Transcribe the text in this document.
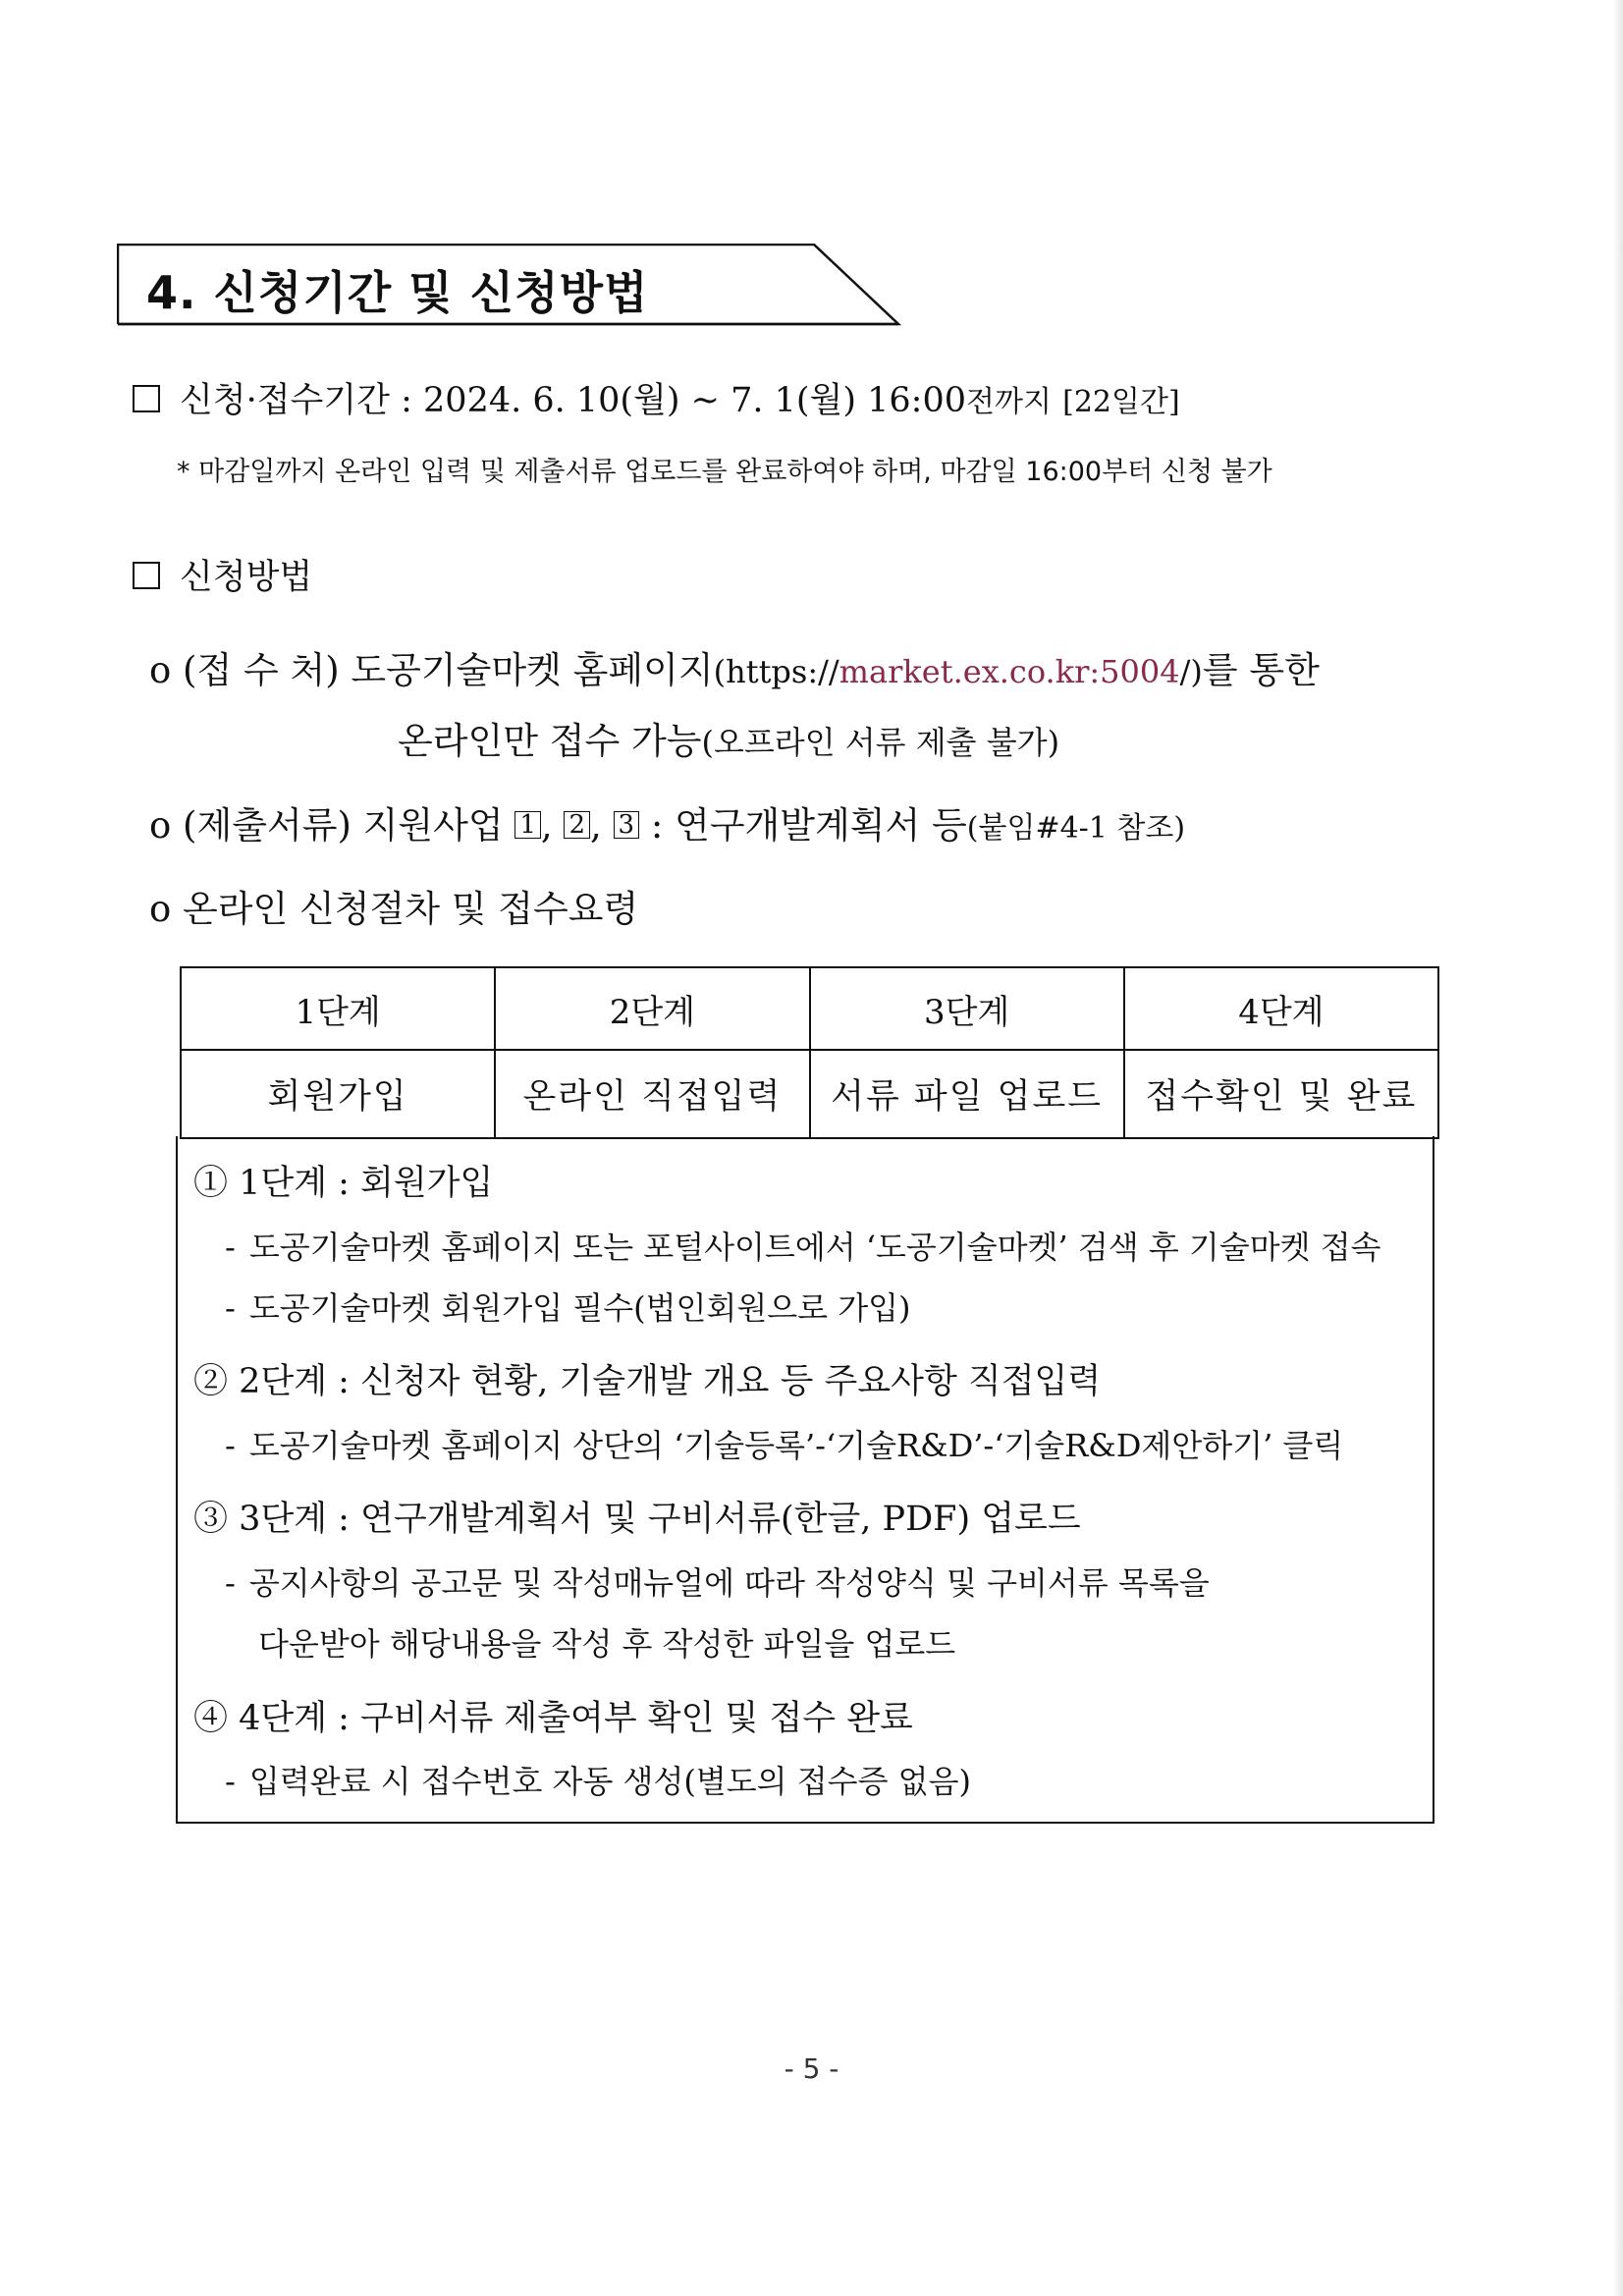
4. 신청기간 및 신청방법
신청·접수기간 : 2024. 6. 10(월) ~ 7. 1(월) 16:00전까지 [22일간]
* 마감일까지 온라인 입력 및 제출서류 업로드를 완료하여야 하며, 마감일 16:00부터 신청 불가
신청방법
o (접 수 처) 도공기술마켓 홈페이지(https://market.ex.co.kr:5004/)를 통한
온라인만 접수 가능(오프라인 서류 제출 불가)
o (제출서류) 지원사업 1 , 2 , 3 : 연구개발계획서 등(붙임#4-1 참조)
o 온라인 신청절차 및 접수요령
1단계	2단계	3단계	4단계
회원가입	온라인 직접입력	서류 파일 업로드	접수확인 및 완료
① 1단계 : 회원가입
- 도공기술마켓 홈페이지 또는 포털사이트에서 ‘도공기술마켓’ 검색 후 기술마켓 접속
- 도공기술마켓 회원가입 필수(법인회원으로 가입)
② 2단계 : 신청자 현황, 기술개발 개요 등 주요사항 직접입력
- 도공기술마켓 홈페이지 상단의 ‘기술등록’-‘기술R&D’-‘기술R&D제안하기’ 클릭
③ 3단계 : 연구개발계획서 및 구비서류(한글, PDF) 업로드
- 공지사항의 공고문 및 작성매뉴얼에 따라 작성양식 및 구비서류 목록을
다운받아 해당내용을 작성 후 작성한 파일을 업로드
④ 4단계 : 구비서류 제출여부 확인 및 접수 완료
- 입력완료 시 접수번호 자동 생성(별도의 접수증 없음)
- 5 -
